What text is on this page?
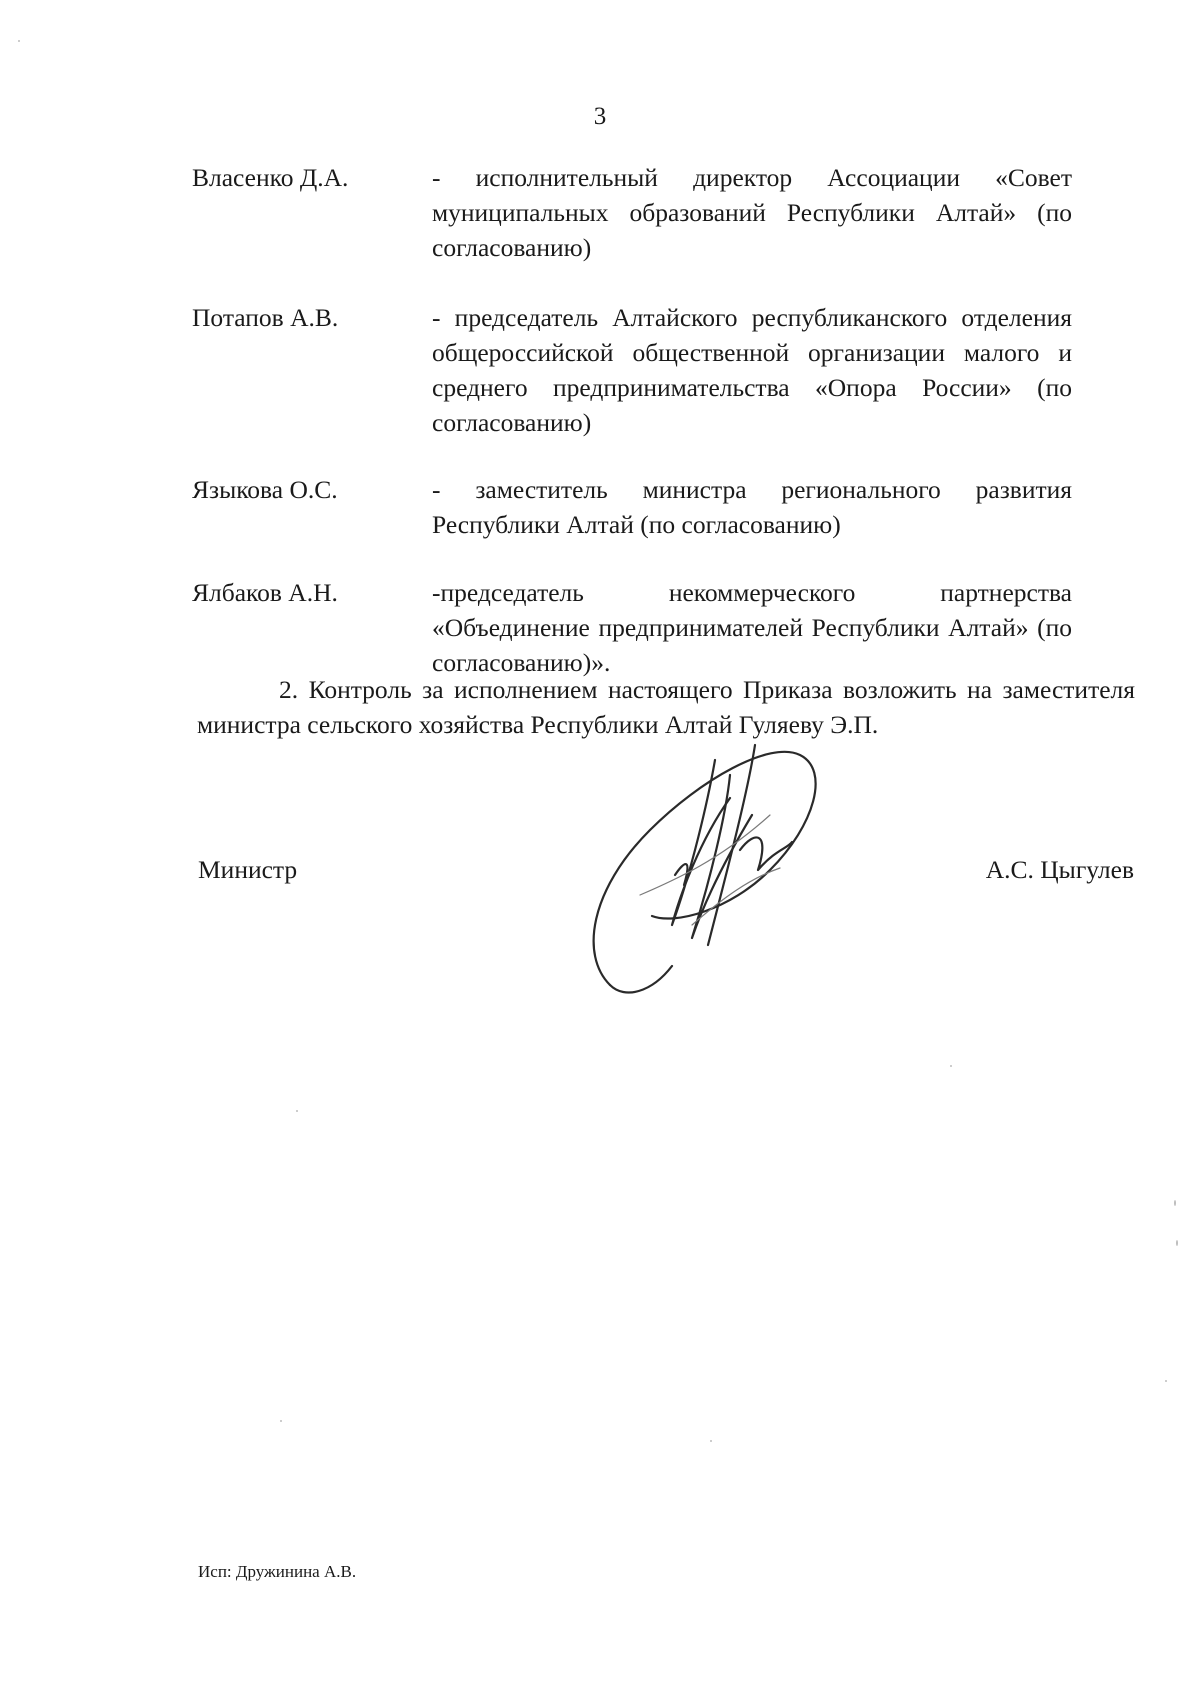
3
Власенко Д.А.	- исполнительный директор Ассоциации «Совет муниципальных образований Республики Алтай» (по согласованию)
Потапов А.В.	- председатель Алтайского республиканского отделения общероссийской общественной организации малого и среднего предпринимательства «Опора России» (по согласованию)
Языкова О.С.	- заместитель министра регионального развития Республики Алтай (по согласованию)
Ялбаков А.Н.	-председатель некоммерческого партнерства «Объединение предпринимателей Республики Алтай» (по согласованию)».
2. Контроль за исполнением настоящего Приказа возложить на заместителя министра сельского хозяйства Республики Алтай Гуляеву Э.П.
Министр	А.С. Цыгулев
Исп: Дружинина А.В.
